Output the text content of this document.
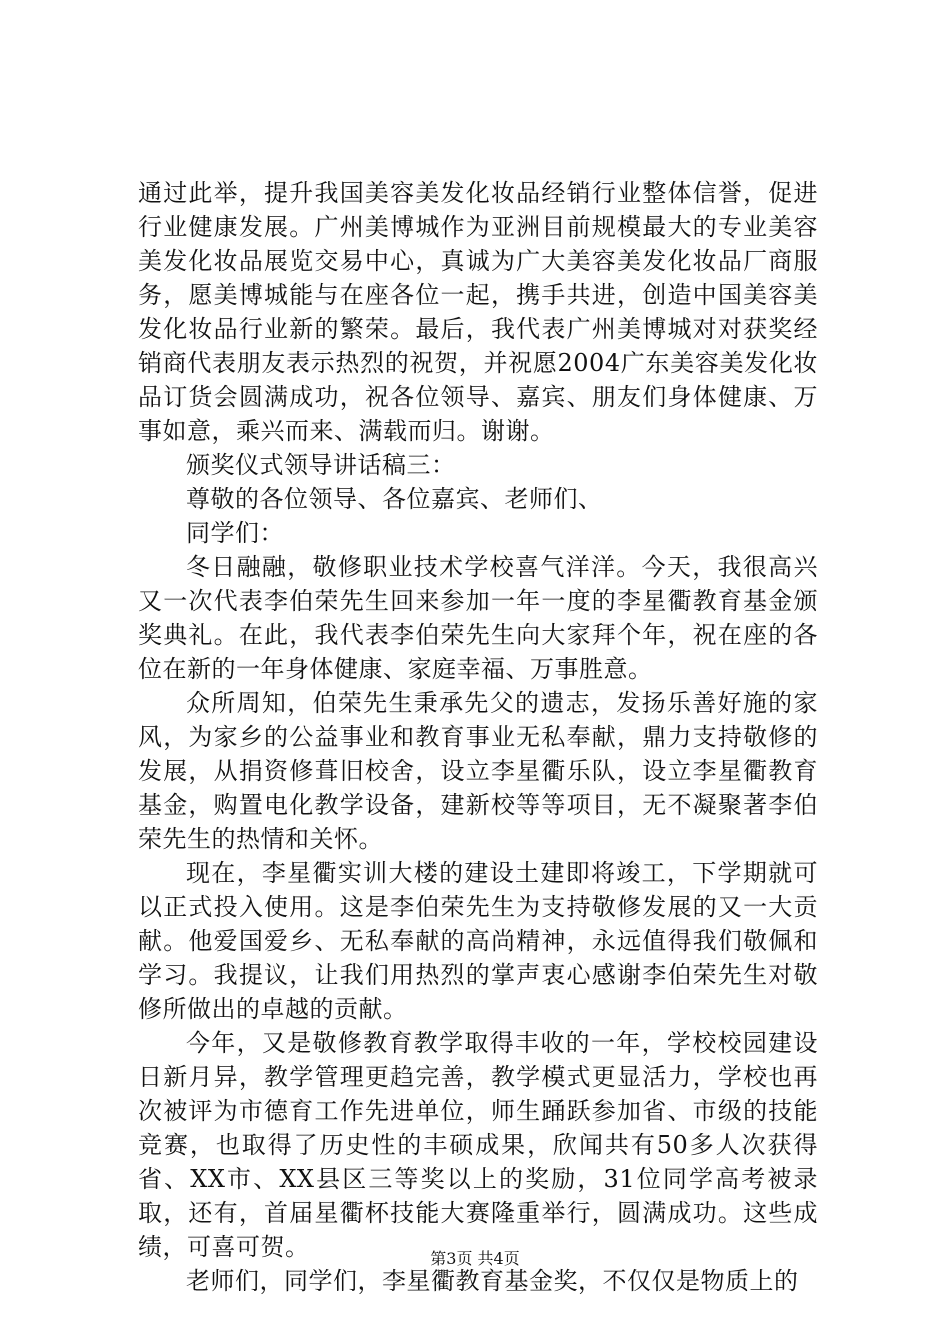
通过此举，提升我国美容美发化妆品经销行业整体信誉，促进行业健康发展。广州美博城作为亚洲目前规模最大的专业美容美发化妆品展览交易中心，真诚为广大美容美发化妆品厂商服务，愿美博城能与在座各位一起，携手共进，创造中国美容美发化妆品行业新的繁荣。最后，我代表广州美博城对对获奖经销商代表朋友表示热烈的祝贺，并祝愿2004广东美容美发化妆品订货会圆满成功，祝各位领导、嘉宾、朋友们身体健康、万事如意，乘兴而来、满载而归。谢谢。

颁奖仪式领导讲话稿三：

尊敬的各位领导、各位嘉宾、老师们、

同学们：

冬日融融，敬修职业技术学校喜气洋洋。今天，我很高兴又一次代表李伯荣先生回来参加一年一度的李星衢教育基金颁奖典礼。在此，我代表李伯荣先生向大家拜个年，祝在座的各位在新的一年身体健康、家庭幸福、万事胜意。

众所周知，伯荣先生秉承先父的遗志，发扬乐善好施的家风，为家乡的公益事业和教育事业无私奉献，鼎力支持敬修的发展，从捐资修葺旧校舍，设立李星衢乐队，设立李星衢教育基金，购置电化教学设备，建新校等等项目，无不凝聚著李伯荣先生的热情和关怀。

现在，李星衢实训大楼的建设土建即将竣工，下学期就可以正式投入使用。这是李伯荣先生为支持敬修发展的又一大贡献。他爱国爱乡、无私奉献的高尚精神，永远值得我们敬佩和学习。我提议，让我们用热烈的掌声衷心感谢李伯荣先生对敬修所做出的卓越的贡献。

今年，又是敬修教育教学取得丰收的一年，学校校园建设日新月异，教学管理更趋完善，教学模式更显活力，学校也再次被评为市德育工作先进单位，师生踊跃参加省、市级的技能竞赛，也取得了历史性的丰硕成果，欣闻共有50多人次获得省、XX市、XX县区三等奖以上的奖励，31位同学高考被录取，还有，首届星衢杯技能大赛隆重举行，圆满成功。这些成绩，可喜可贺。

老师们，同学们，李星衢教育基金奖，不仅仅是物质上的

第3页 共4页
